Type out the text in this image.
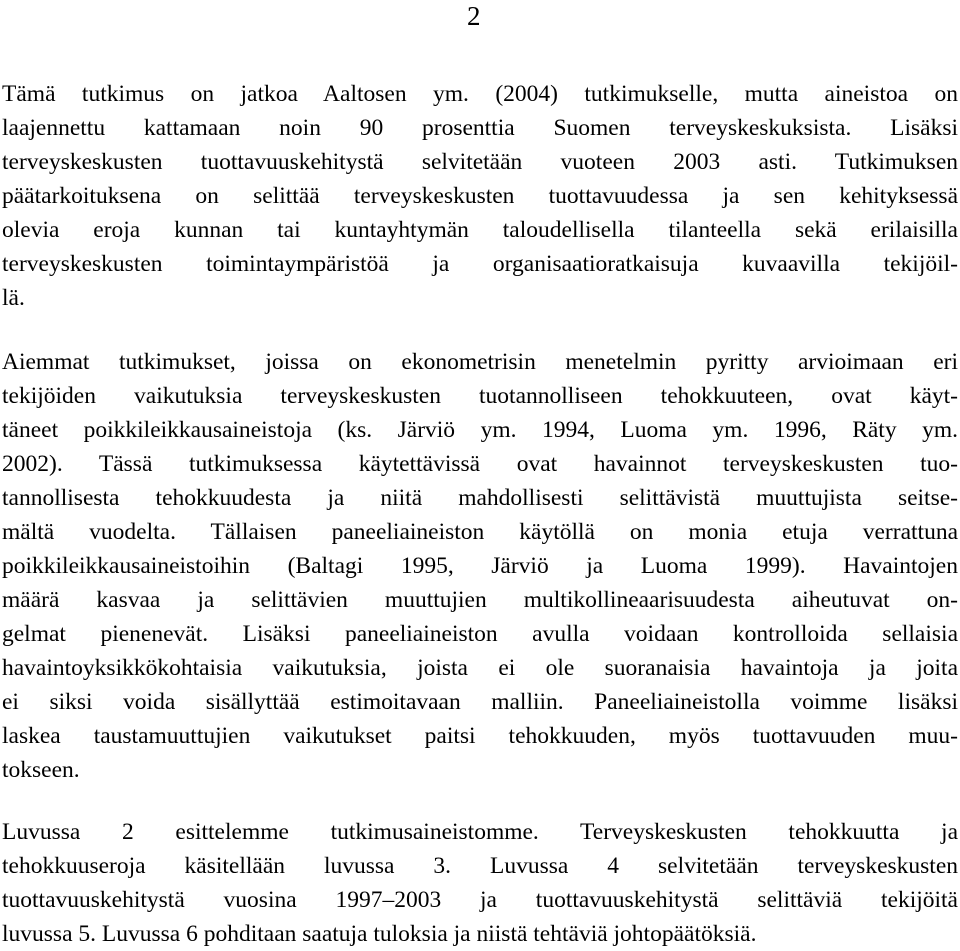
2
Tämä tutkimus on jatkoa Aaltosen ym. (2004) tutkimukselle, mutta aineistoa on
laajennettu kattamaan noin 90 prosenttia Suomen terveyskeskuksista. Lisäksi
terveyskeskusten tuottavuuskehitystä selvitetään vuoteen 2003 asti. Tutkimuksen
päätarkoituksena on selittää terveyskeskusten tuottavuudessa ja sen kehityksessä
olevia eroja kunnan tai kuntayhtymän taloudellisella tilanteella sekä erilaisilla
terveyskeskusten toimintaympäristöä ja organisaatioratkaisuja kuvaavilla tekijöil-
lä.
Aiemmat tutkimukset, joissa on ekonometrisin menetelmin pyritty arvioimaan eri
tekijöiden vaikutuksia terveyskeskusten tuotannolliseen tehokkuuteen, ovat käyt-
täneet poikkileikkausaineistoja (ks. Järviö ym. 1994, Luoma ym. 1996, Räty ym.
2002). Tässä tutkimuksessa käytettävissä ovat havainnot terveyskeskusten tuo-
tannollisesta tehokkuudesta ja niitä mahdollisesti selittävistä muuttujista seitse-
mältä vuodelta. Tällaisen paneeliaineiston käytöllä on monia etuja verrattuna
poikkileikkausaineistoihin (Baltagi 1995, Järviö ja Luoma 1999). Havaintojen
määrä kasvaa ja selittävien muuttujien multikollineaarisuudesta aiheutuvat on-
gelmat pienenevät. Lisäksi paneeliaineiston avulla voidaan kontrolloida sellaisia
havaintoyksikkökohtaisia vaikutuksia, joista ei ole suoranaisia havaintoja ja joita
ei siksi voida sisällyttää estimoitavaan malliin. Paneeliaineistolla voimme lisäksi
laskea taustamuuttujien vaikutukset paitsi tehokkuuden, myös tuottavuuden muu-
tokseen.
Luvussa 2 esittelemme tutkimusaineistomme. Terveyskeskusten tehokkuutta ja
tehokkuuseroja käsitellään luvussa 3. Luvussa 4 selvitetään terveyskeskusten
tuottavuuskehitystä vuosina 1997–2003 ja tuottavuuskehitystä selittäviä tekijöitä
luvussa 5. Luvussa 6 pohditaan saatuja tuloksia ja niistä tehtäviä johtopäätöksiä.
